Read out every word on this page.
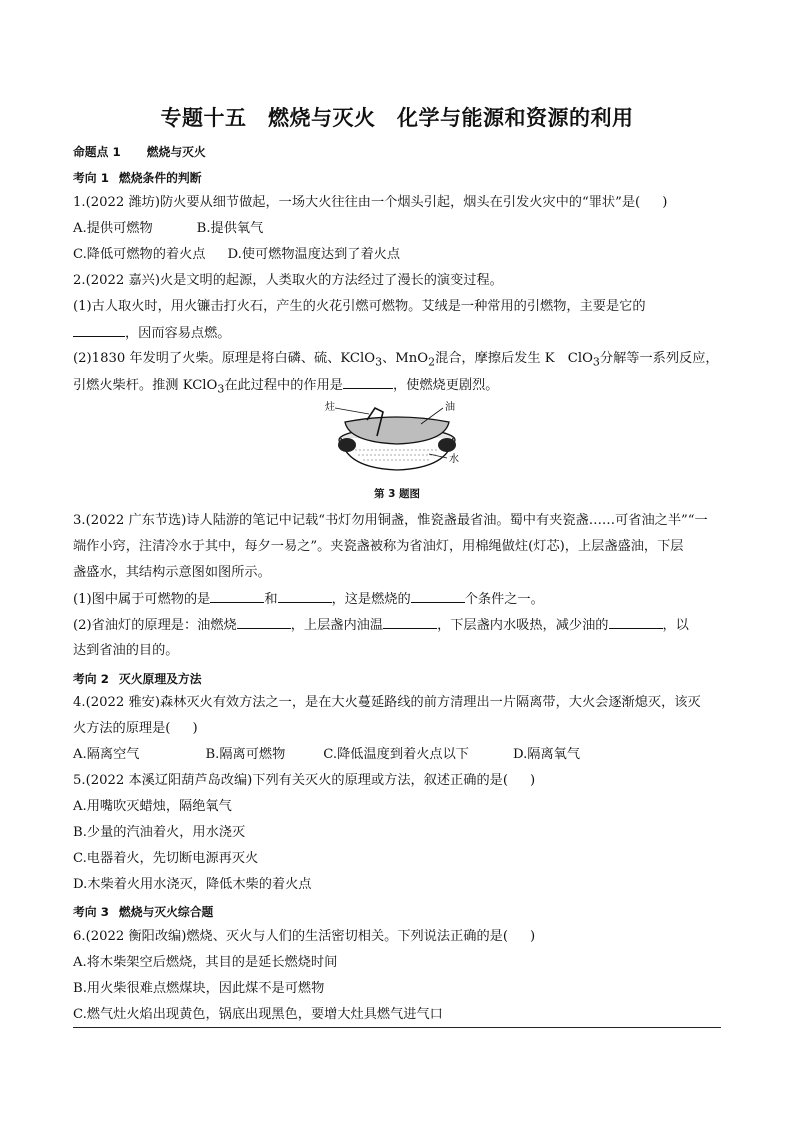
专题十五　燃烧与灭火　化学与能源和资源的利用
命题点 1 燃烧与灭火
考向 1 燃烧条件的判断
1.(2022 潍坊)防火要从细节做起，一场大火往往由一个烟头引起，烟头在引发火灾中的“罪状”是( )
A.提供可燃物	B.提供氧气
C.降低可燃物的着火点 D.使可燃物温度达到了着火点
2.(2022 嘉兴)火是文明的起源，人类取火的方法经过了漫长的演变过程。
(1)古人取火时，用火镰击打火石，产生的火花引燃可燃物。艾绒是一种常用的引燃物，主要是它的
，因而容易点燃。
(2)1830 年发明了火柴。原理是将白磷、硫、KClO$_3$、MnO$_2$混合，摩擦后发生 K　ClO$_3$分解等一系列反应，
引燃火柴杆。推测 KClO$_3$在此过程中的作用是	，使燃烧更剧烈。
炷	油
水
第 3 题图
3.(2022 广东节选)诗人陆游的笔记中记载“书灯勿用铜盏，惟瓷盏最省油。蜀中有夹瓷盏……可省油之半”“一
端作小窍，注清冷水于其中，每夕一易之”。夹瓷盏被称为省油灯，用棉绳做炷(灯芯)，上层盏盛油，下层
盏盛水，其结构示意图如图所示。
(1)图中属于可燃物的是	和	，这是燃烧的	个条件之一。
(2)省油灯的原理是：油燃烧	，上层盏内油温	，下层盏内水吸热，减少油的	，以
达到省油的目的。
考向 2 灭火原理及方法
4.(2022 雅安)森林灭火有效方法之一，是在大火蔓延路线的前方清理出一片隔离带，大火会逐渐熄灭，该灭
火方法的原理是( )
A.隔离空气	B.隔离可燃物	C.降低温度到着火点以下	D.隔离氧气
5.(2022 本溪辽阳葫芦岛改编)下列有关灭火的原理或方法，叙述正确的是( )
A.用嘴吹灭蜡烛，隔绝氧气
B.少量的汽油着火，用水浇灭
C.电器着火，先切断电源再灭火
D.木柴着火用水浇灭，降低木柴的着火点
考向 3 燃烧与灭火综合题
6.(2022 衡阳改编)燃烧、灭火与人们的生活密切相关。下列说法正确的是( )
A.将木柴架空后燃烧，其目的是延长燃烧时间
B.用火柴很难点燃煤块，因此煤不是可燃物
C.燃气灶火焰出现黄色，锅底出现黑色，要增大灶具燃气进气口
